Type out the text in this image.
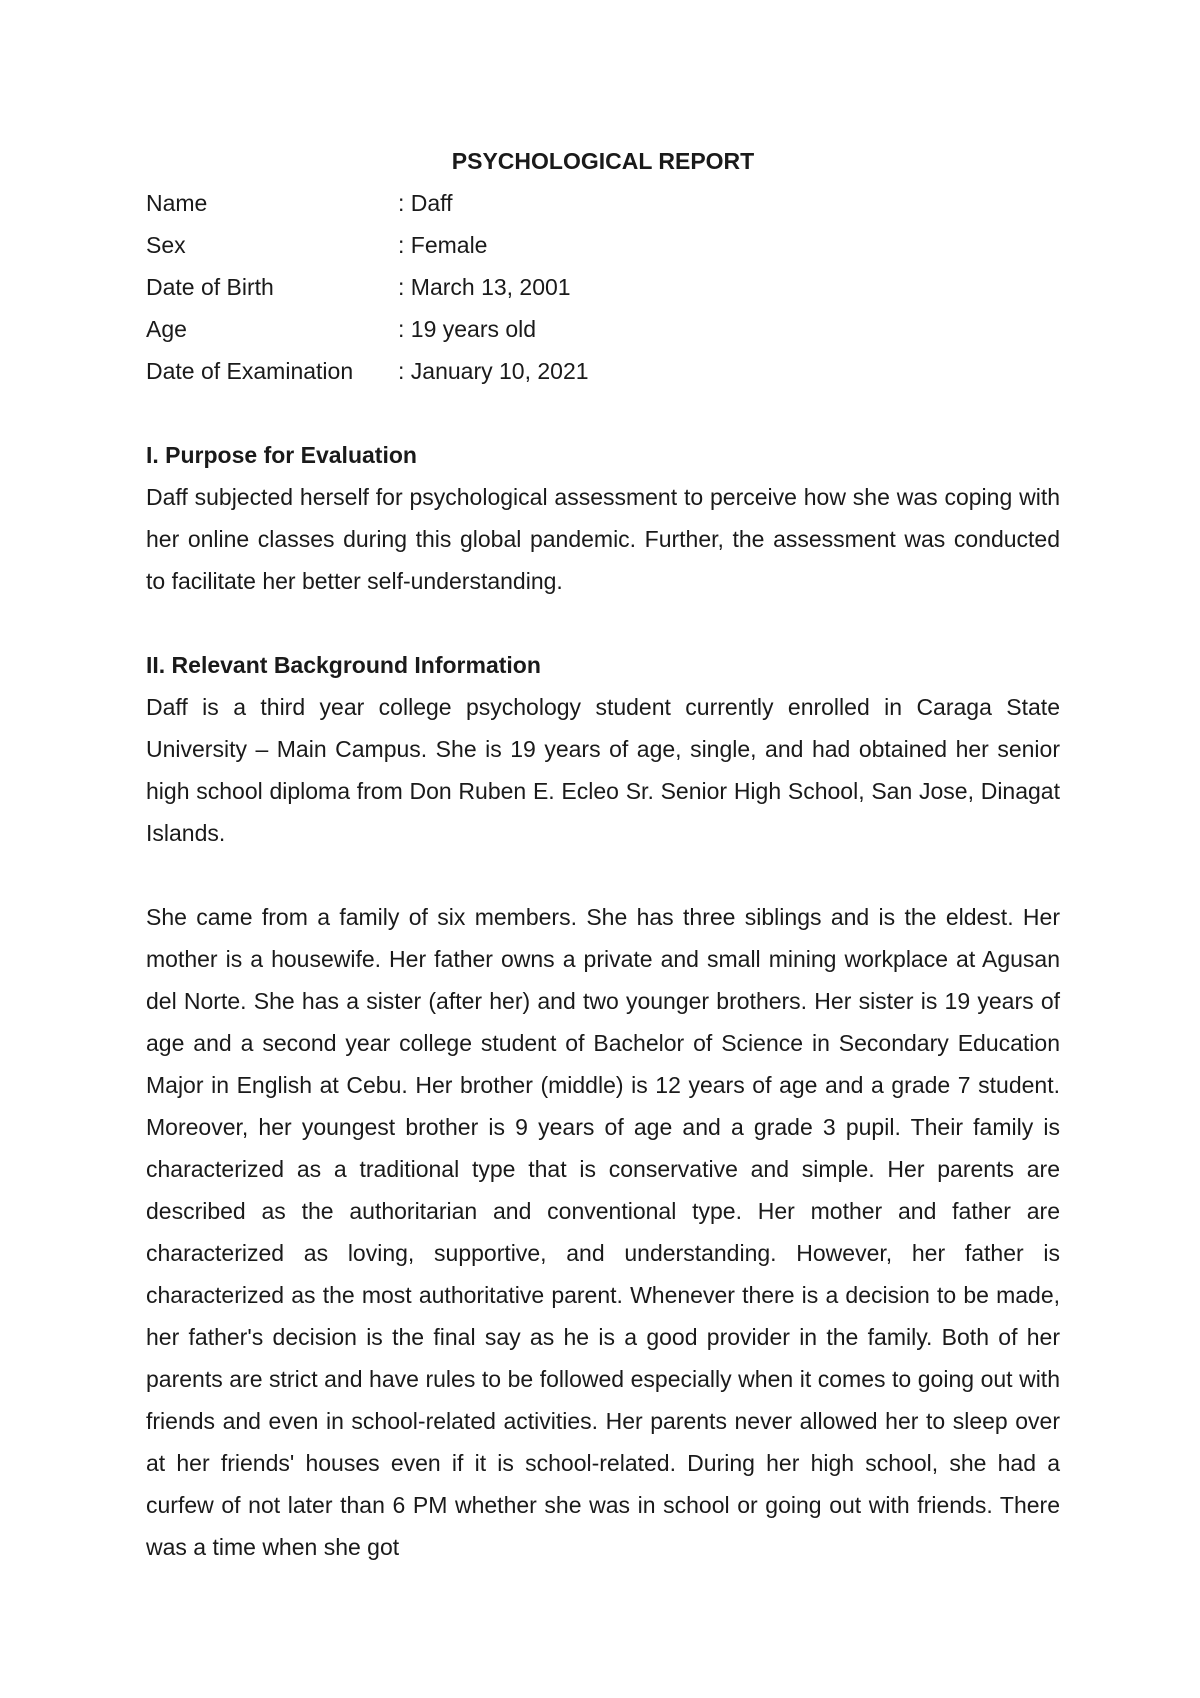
PSYCHOLOGICAL REPORT
Name	: Daff
Sex	: Female
Date of Birth	: March 13, 2001
Age	: 19 years old
Date of Examination	: January 10, 2021
I. Purpose for Evaluation

Daff subjected herself for psychological assessment to perceive how she was coping with her online classes during this global pandemic. Further, the assessment was conducted to facilitate her better self-understanding.

II. Relevant Background Information

Daff is a third year college psychology student currently enrolled in Caraga State University – Main Campus. She is 19 years of age, single, and had obtained her senior high school diploma from Don Ruben E. Ecleo Sr. Senior High School, San Jose, Dinagat Islands.

She came from a family of six members. She has three siblings and is the eldest. Her mother is a housewife. Her father owns a private and small mining workplace at Agusan del Norte. She has a sister (after her) and two younger brothers. Her sister is 19 years of age and a second year college student of Bachelor of Science in Secondary Education Major in English at Cebu. Her brother (middle) is 12 years of age and a grade 7 student. Moreover, her youngest brother is 9 years of age and a grade 3 pupil. Their family is characterized as a traditional type that is conservative and simple. Her parents are described as the authoritarian and conventional type. Her mother and father are characterized as loving, supportive, and understanding. However, her father is characterized as the most authoritative parent. Whenever there is a decision to be made, her father's decision is the final say as he is a good provider in the family. Both of her parents are strict and have rules to be followed especially when it comes to going out with friends and even in school-related activities. Her parents never allowed her to sleep over at her friends' houses even if it is school-related. During her high school, she had a curfew of not later than 6 PM whether she was in school or going out with friends. There was a time when she got
